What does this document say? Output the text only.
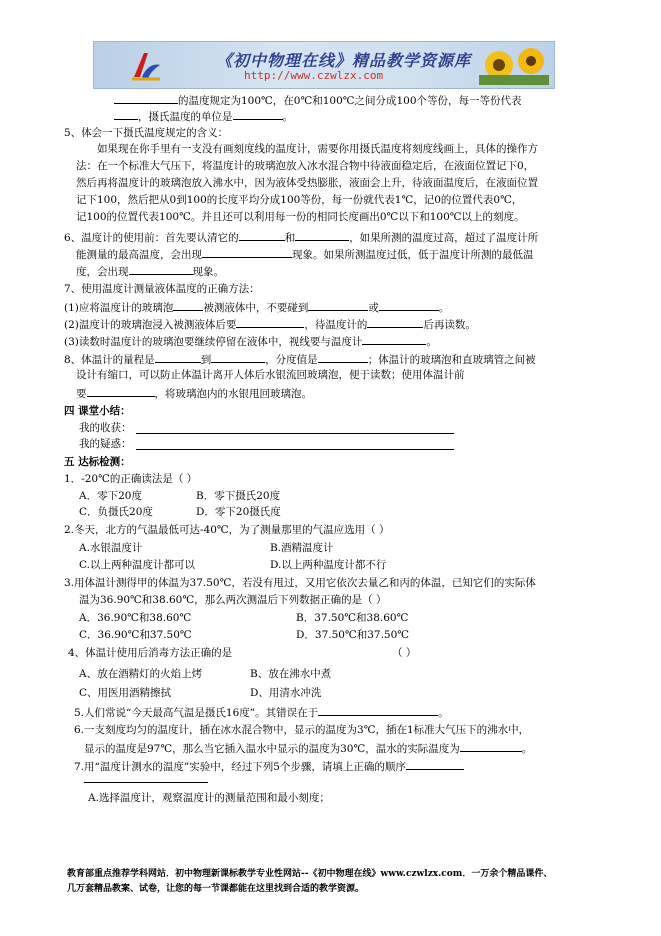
《初中物理在线》精品教学资源库
http://www.czwlzx.com
的温度规定为100℃，在0℃和100℃之间分成100个等份，每一等份代表
，摄氏温度的单位是	。
5、体会一下摄氏温度规定的含义：
如果现在你手里有一支没有画刻度线的温度计，需要你用摄氏温度将刻度线画上，具体的操作方
法：在一个标准大气压下，将温度计的玻璃泡放入冰水混合物中待液面稳定后，在液面位置记下0，
然后再将温度计的玻璃泡放入沸水中，因为液体受热膨胀，液面会上升，待液面温度后，在液面位置
记下100，然后把从0到100的长度平均分成100等份，每一份就代表1℃，记0的位置代表0℃，
记100的位置代表100℃。并且还可以利用每一份的相同长度画出0℃以下和100℃以上的刻度。
6、温度计的使用前：首先要认清它的	和	，如果所测的温度过高，超过了温度计所
能测量的最高温度，会出现	现象。如果所测温度过低，低于温度计所测的最低温
度，会出现	现象。
7、使用温度计测量液体温度的正确方法：
(1)应将温度计的玻璃泡	被测液体中，不要碰到	或	。
(2)温度计的玻璃泡浸入被测液体后要	，待温度计的	后再读数。
(3)读数时温度计的玻璃泡要继续停留在液体中，视线要与温度计	。
8、体温计的量程是	到	，分度值是	；体温计的玻璃泡和直玻璃管之间被
设计有缩口，可以防止体温计离开人体后水银流回玻璃泡，便于读数；使用体温计前
要	，将玻璃泡内的水银甩回玻璃泡。
四 课堂小结：
我的收获：
我的疑惑：
五 达标检测：
1．-20℃的正确读法是（ ）
A．零下20度	B．零下摄氏20度
C．负摄氏20度	D．零下20摄氏度
2.冬天，北方的气温最低可达-40℃，为了测量那里的气温应选用（ ）
A.水银温度计	B.酒精温度计
C.以上两种温度计都可以	D.以上两种温度计都不行
3.用体温计测得甲的体温为37.50℃，若没有甩过，又用它依次去量乙和丙的体温，已知它们的实际体
温为36.90℃和38.60℃，那么两次测温后下列数据正确的是（ ）
A．36.90℃和38.60℃	B．37.50℃和38.60℃
C．36.90℃和37.50℃	D．37.50℃和37.50℃
4、体温计使用后消毒方法正确的是	（ ）
A、放在酒精灯的火焰上烤	B、放在沸水中煮
C、用医用酒精擦拭	D、用清水冲洗
5.人们常说“今天最高气温是摄氏16度”。其错误在于	。
6.一支刻度均匀的温度计，插在冰水混合物中，显示的温度为3℃，插在1标准大气压下的沸水中，
显示的温度是97℃，那么当它插入温水中显示的温度为30℃，温水的实际温度为	。
7.用“温度计测水的温度”实验中，经过下列5个步骤，请填上正确的顺序
A.选择温度计，观察温度计的测量范围和最小刻度；
教育部重点推荐学科网站．初中物理新课标教学专业性网站--《初中物理在线》www.czwlzx.com．一万余个精品课件、
几万套精品教案、试卷，让您的每一节课都能在这里找到合适的教学资源。
